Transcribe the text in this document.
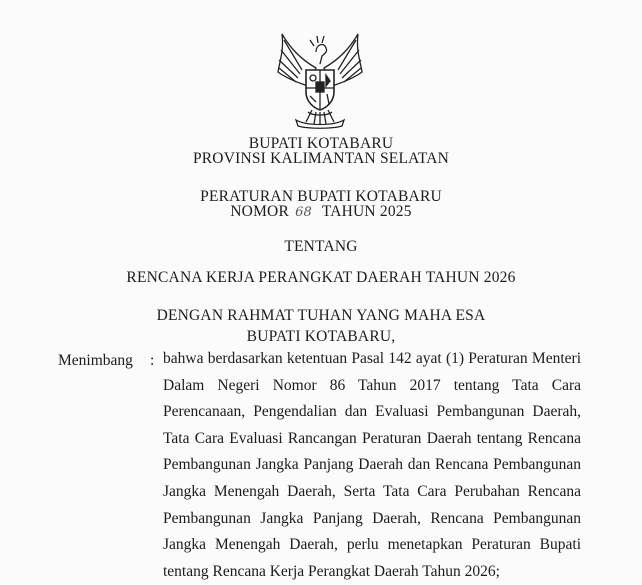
BUPATI KOTABARU
PROVINSI KALIMANTAN SELATAN
PERATURAN BUPATI KOTABARU
NOMOR 68 TAHUN 2025
TENTANG
RENCANA KERJA PERANGKAT DAERAH TAHUN 2026
DENGAN RAHMAT TUHAN YANG MAHA ESA
BUPATI KOTABARU,
Menimbang : bahwa berdasarkan ketentuan Pasal 142 ayat (1) Peraturan Menteri Dalam Negeri Nomor 86 Tahun 2017 tentang Tata Cara Perencanaan, Pengendalian dan Evaluasi Pembangunan Daerah, Tata Cara Evaluasi Rancangan Peraturan Daerah tentang Rencana Pembangunan Jangka Panjang Daerah dan Rencana Pembangunan Jangka Menengah Daerah, Serta Tata Cara Perubahan Rencana Pembangunan Jangka Panjang Daerah, Rencana Pembangunan Jangka Menengah Daerah, perlu menetapkan Peraturan Bupati tentang Rencana Kerja Perangkat Daerah Tahun 2026;
